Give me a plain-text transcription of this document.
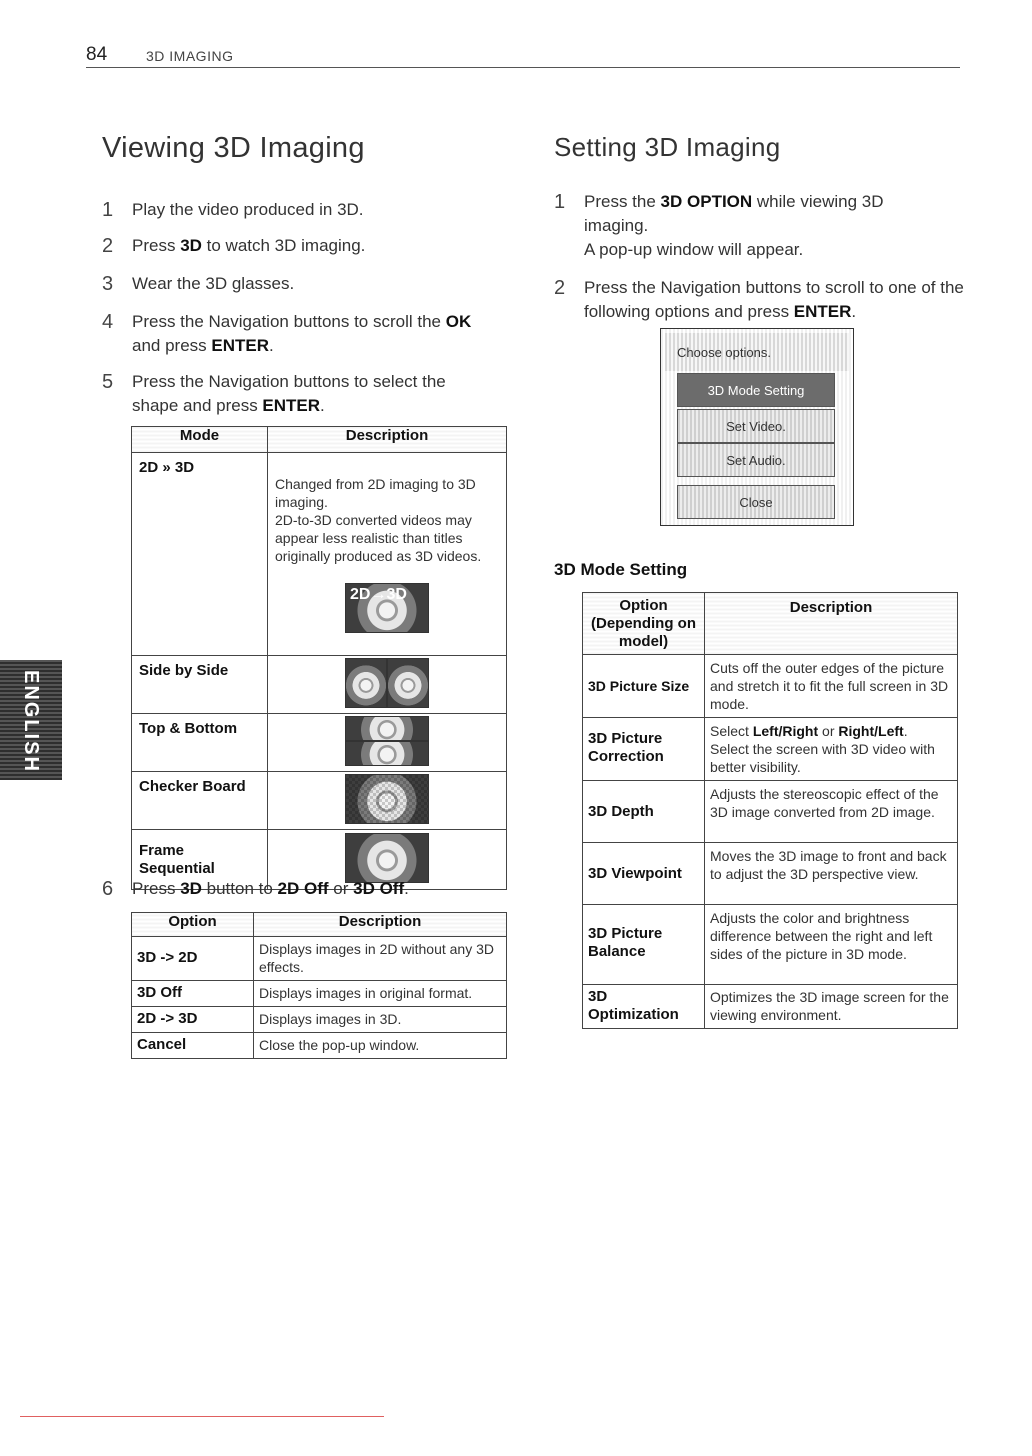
84	3D IMAGING
Viewing 3D Imaging
1 Play the video produced in 3D.
2 Press 3D to watch 3D imaging.
3 Wear the 3D glasses.
4 Press the Navigation buttons to scroll the OK and press ENTER.
5 Press the Navigation buttons to select the shape and press ENTER.
Mode	Description
2D » 3D	Changed from 2D imaging to 3D imaging.
2D-to-3D converted videos may appear less realistic than titles originally produced as 3D videos.

2D→3D

Side by Side	

Top & Bottom	

Checker Board	

Frame Sequential	
6 Press 3D button to 2D Off or 3D Off.
Option	Description
3D -> 2D	Displays images in 2D without any 3D effects.
3D Off	Displays images in original format.
2D -> 3D	Displays images in 3D.
Cancel	Close the pop-up window.
Setting 3D Imaging
1 Press the 3D OPTION while viewing 3D imaging.

A pop-up window will appear.

2 Press the Navigation buttons to scroll to one of the following options and press ENTER.
Choose options.
3D Mode Setting
Set Video.
Set Audio.
Close
3D Mode Setting
Option
(Depending on model)	Description
3D Picture Size	Cuts off the outer edges of the picture and stretch it to fit the full screen in 3D mode.
3D Picture Correction	Select Left/Right or Right/Left.
Select the screen with 3D video with better visibility.

3D Depth	Adjusts the stereoscopic effect of the 3D image converted from 2D image.
3D Viewpoint	Moves the 3D image to front and back to adjust the 3D perspective view.
3D Picture Balance	Adjusts the color and brightness difference between the right and left sides of the picture in 3D mode.
3D Optimization	Optimizes the 3D image screen for the viewing environment.
ENGLISH
